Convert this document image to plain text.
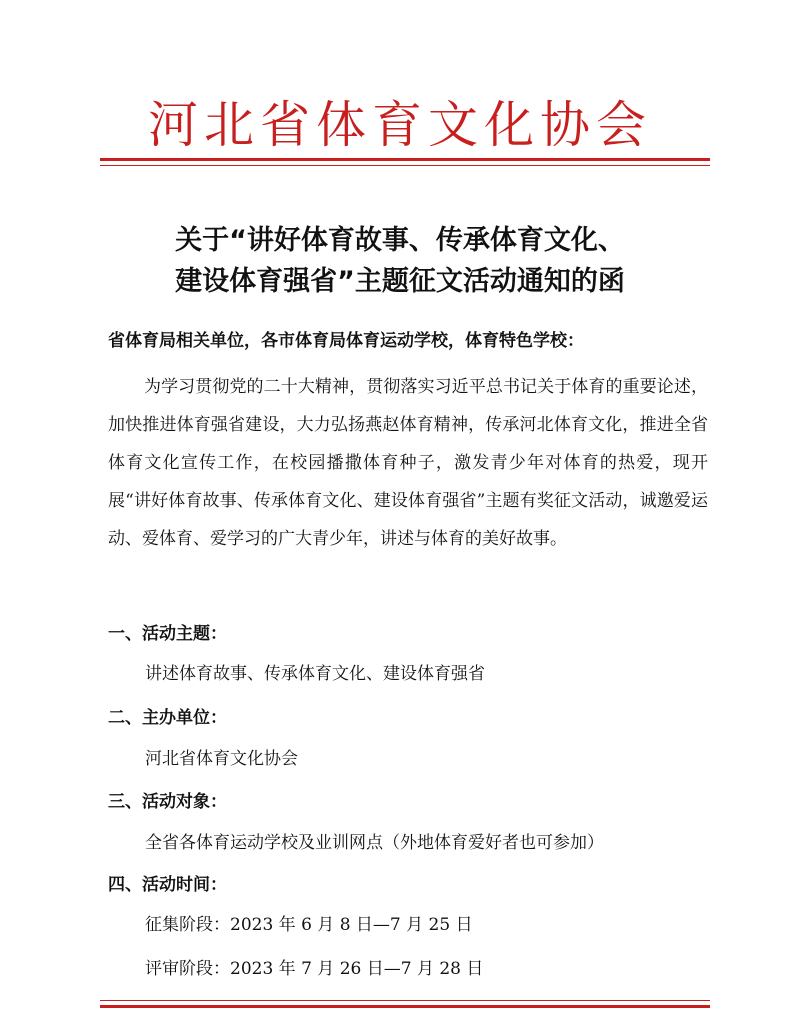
河北省体育文化协会
关于“讲好体育故事、传承体育文化、
建设体育强省”主题征文活动通知的函
省体育局相关单位，各市体育局体育运动学校，体育特色学校：

为学习贯彻党的二十大精神，贯彻落实习近平总书记关于体育的重要论述，加快推进体育强省建设，大力弘扬燕赵体育精神，传承河北体育文化，推进全省体育文化宣传工作，在校园播撒体育种子，激发青少年对体育的热爱，现开展“讲好体育故事、传承体育文化、建设体育强省”主题有奖征文活动，诚邀爱运动、爱体育、爱学习的广大青少年，讲述与体育的美好故事。

一、活动主题：
讲述体育故事、传承体育文化、建设体育强省
二、主办单位：
河北省体育文化协会
三、活动对象：
全省各体育运动学校及业训网点（外地体育爱好者也可参加）
四、活动时间：
征集阶段：2023 年 6 月 8 日—7 月 25 日
评审阶段：2023 年 7 月 26 日—7 月 28 日
